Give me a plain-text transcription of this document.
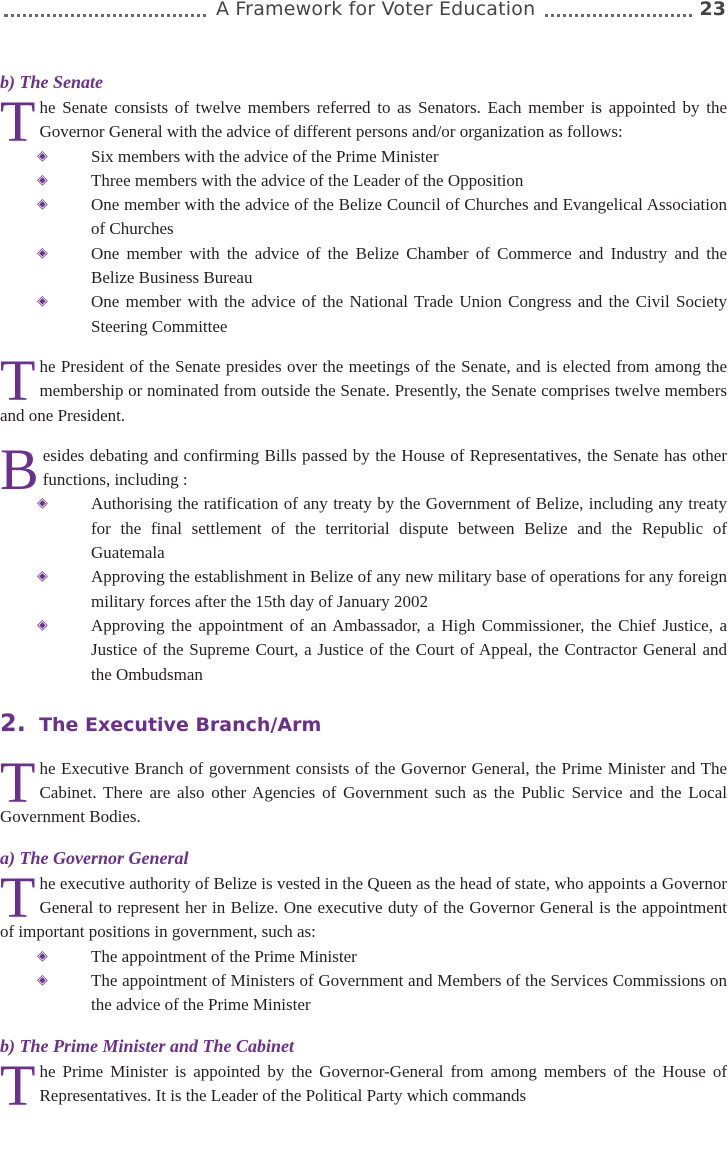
A Framework for Voter Education	23
b) The Senate

The Senate consists of twelve members referred to as Senators. Each member is appointed by the Governor General with the advice of different persons and/or organization as follows:

◈	Six members with the advice of the Prime Minister
◈	Three members with the advice of the Leader of the Opposition
◈	One member with the advice of the Belize Council of Churches and Evangelical Association of Churches
◈	One member with the advice of the Belize Chamber of Commerce and Industry and the Belize Business Bureau
◈	One member with the advice of the National Trade Union Congress and the Civil Society Steering Committee

The President of the Senate presides over the meetings of the Senate, and is elected from among the membership or nominated from outside the Senate. Presently, the Senate comprises twelve members and one President.

Besides debating and confirming Bills passed by the House of Representatives, the Senate has other functions, including :

◈	Authorising the ratification of any treaty by the Government of Belize, including any treaty for the final settlement of the territorial dispute between Belize and the Republic of Guatemala
◈	Approving the establishment in Belize of any new military base of operations for any foreign military forces after the 15th day of January 2002
◈	Approving the appointment of an Ambassador, a High Commissioner, the Chief Justice, a Justice of the Supreme Court, a Justice of the Court of Appeal, the Contractor General and the Ombudsman
2. The Executive Branch/Arm

The Executive Branch of government consists of the Governor General, the Prime Minister and The Cabinet. There are also other Agencies of Government such as the Public Service and the Local Government Bodies.

a) The Governor General

The executive authority of Belize is vested in the Queen as the head of state, who appoints a Governor General to represent her in Belize. One executive duty of the Governor General is the appointment of important positions in government, such as:

◈	The appointment of the Prime Minister
◈	The appointment of Ministers of Government and Members of the Services Commissions on the advice of the Prime Minister
b) The Prime Minister and The Cabinet

The Prime Minister is appointed by the Governor-General from among members of the House of Representatives. It is the Leader of the Political Party which commands
